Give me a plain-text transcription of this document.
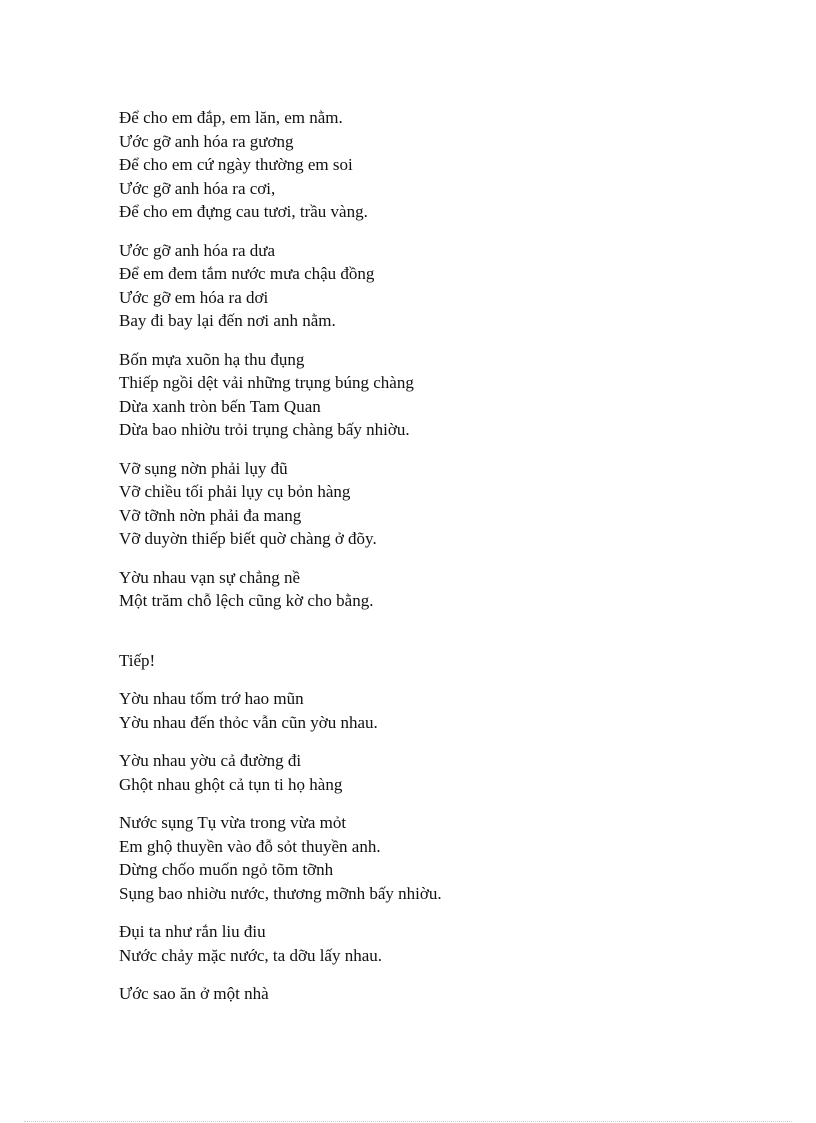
Để cho em đắp, em lăn, em nằm.
Ước gỡ anh hóa ra gương
Để cho em cứ ngày thường em soi
Ước gỡ anh hóa ra cơi,
Để cho em đựng cau tươi, trầu vàng.
Ước gỡ anh hóa ra dưa
Để em đem tắm nước mưa chậu đồng
Ước gỡ em hóa ra dơi
Bay đi bay lại đến nơi anh nằm.
Bốn mựa xuõn hạ thu đụng
Thiếp ngồi dệt vải những trụng búng chàng
Dừa xanh tròn bến Tam Quan
Dừa bao nhiờu trỏi trụng chàng bấy nhiờu.
Vỡ sụng nờn phải lụy đũ
Vỡ chiều tối phải lụy cụ bỏn hàng
Vỡ tỡnh nờn phải đa mang
Vỡ duyờn thiếp biết quờ chàng ở đõy.
Yờu nhau vạn sự chẳng nề
Một trăm chỗ lệch cũng kờ cho bằng.
Tiếp!
Yờu nhau tốm trớ hao mũn
Yờu nhau đến thỏc vẫn cũn yờu nhau.
Yờu nhau yờu cả đường đi
Ghột nhau ghột cả tụn ti họ hàng
Nước sụng Tụ vừa trong vừa mỏt
Em ghộ thuyền vào đỗ sỏt thuyền anh.
Dừng chốo muốn ngỏ tõm tỡnh
Sụng bao nhiờu nước, thương mỡnh bấy nhiờu.
Đụi ta như rắn liu điu
Nước chảy mặc nước, ta dỡu lấy nhau.
Ước sao ăn ở một nhà
